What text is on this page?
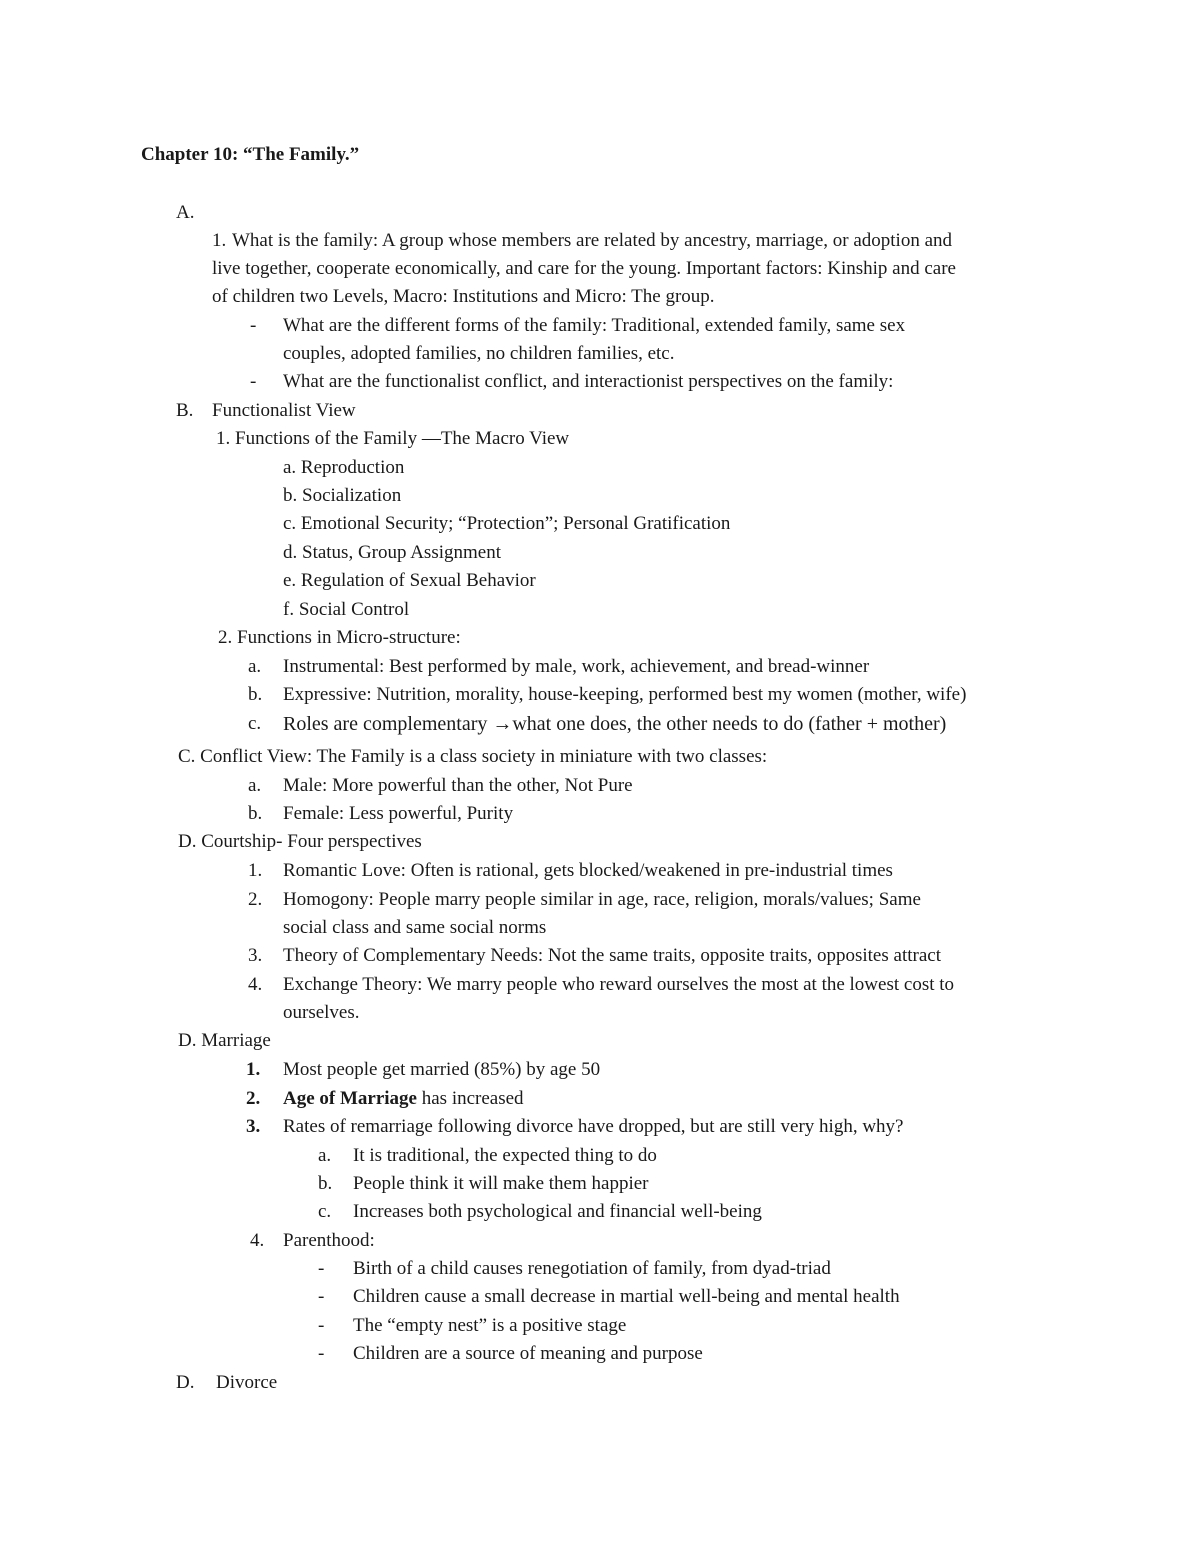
Chapter 10: “The Family.”
A.
1. What is the family: A group whose members are related by ancestry, marriage, or adoption and
live together, cooperate economically, and care for the young. Important factors: Kinship and care
of children two Levels, Macro: Institutions and Micro: The group.
- What are the different forms of the family: Traditional, extended family, same sex
couples, adopted families, no children families, etc.
- What are the functionalist conflict, and interactionist perspectives on the family:
B. Functionalist View
1. Functions of the Family —The Macro View
a. Reproduction
b. Socialization
c. Emotional Security; “Protection”; Personal Gratification
d. Status, Group Assignment
e. Regulation of Sexual Behavior
f. Social Control
2. Functions in Micro-structure:
a. Instrumental: Best performed by male, work, achievement, and bread-winner
b. Expressive: Nutrition, morality, house-keeping, performed best my women (mother, wife)
c. Roles are complementary →what one does, the other needs to do (father + mother)
C. Conflict View: The Family is a class society in miniature with two classes:
a. Male: More powerful than the other, Not Pure
b. Female: Less powerful, Purity
D. Courtship- Four perspectives
1. Romantic Love: Often is rational, gets blocked/weakened in pre-industrial times
2. Homogony: People marry people similar in age, race, religion, morals/values; Same
social class and same social norms
3. Theory of Complementary Needs: Not the same traits, opposite traits, opposites attract
4. Exchange Theory: We marry people who reward ourselves the most at the lowest cost to
ourselves.
D. Marriage
1. Most people get married (85%) by age 50
2. Age of Marriage has increased
3. Rates of remarriage following divorce have dropped, but are still very high, why?
a. It is traditional, the expected thing to do
b. People think it will make them happier
c. Increases both psychological and financial well-being
4. Parenthood:
- Birth of a child causes renegotiation of family, from dyad-triad
- Children cause a small decrease in martial well-being and mental health
- The “empty nest” is a positive stage
- Children are a source of meaning and purpose
D. Divorce
